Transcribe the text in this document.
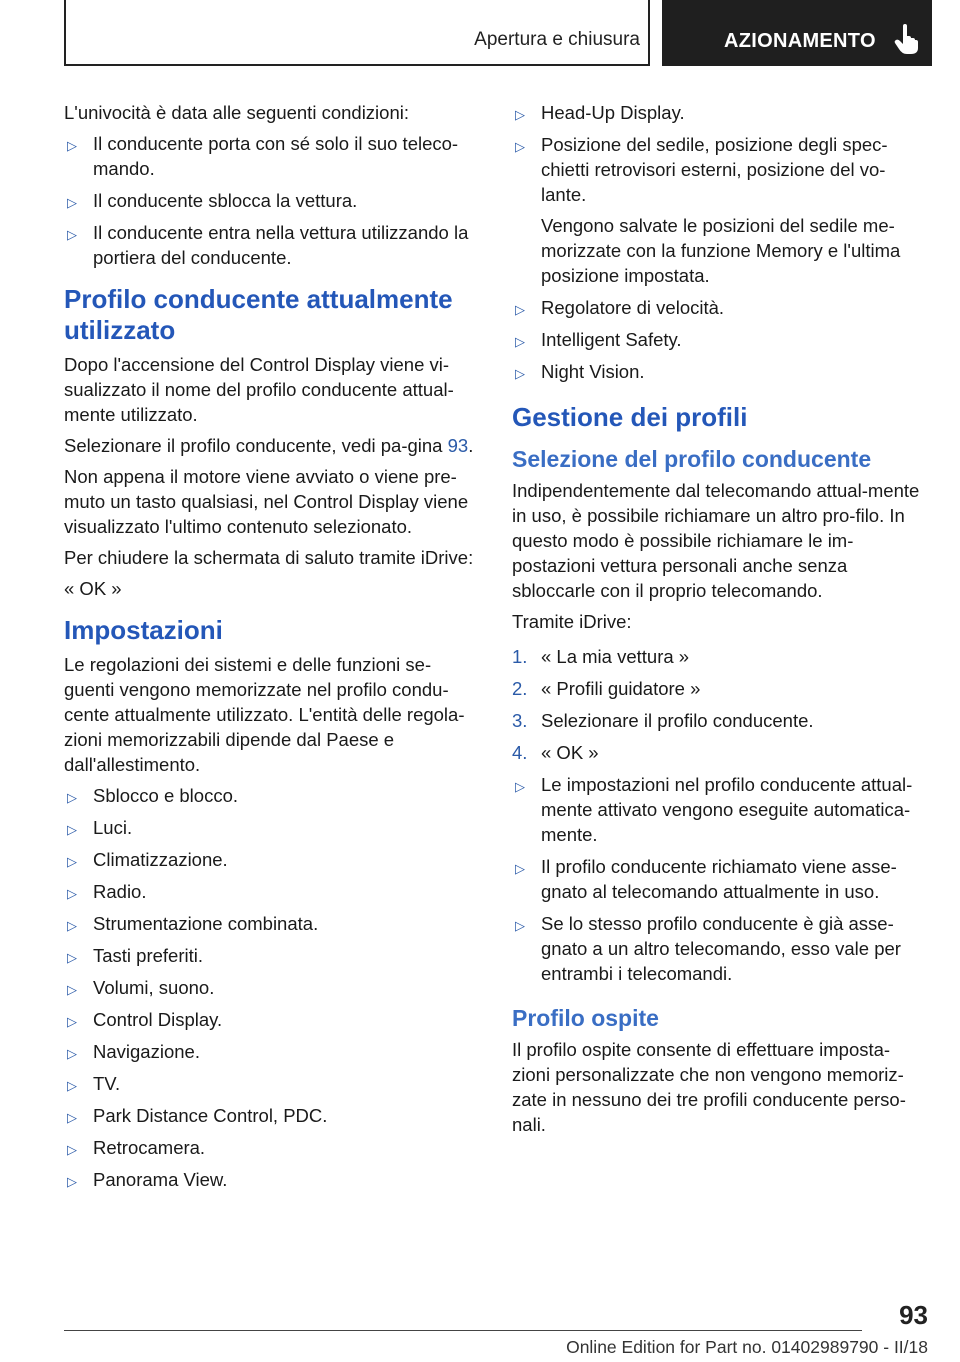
Apertura e chiusura	AZIONAMENTO

L'univocità è data alle seguenti condizioni:

▷ Il conducente porta con sé solo il suo teleco-mando.
▷ Il conducente sblocca la vettura.
▷ Il conducente entra nella vettura utilizzando la portiera del conducente.
Profilo conducente attualmente utilizzato

Dopo l'accensione del Control Display viene vi-sualizzato il nome del profilo conducente attual-mente utilizzato.

Selezionare il profilo conducente, vedi pa-gina 93.

Non appena il motore viene avviato o viene pre-muto un tasto qualsiasi, nel Control Display viene visualizzato l'ultimo contenuto selezionato.

Per chiudere la schermata di saluto tramite iDrive:

« OK »

Impostazioni

Le regolazioni dei sistemi e delle funzioni se-guenti vengono memorizzate nel profilo condu-cente attualmente utilizzato. L'entità delle regola-zioni memorizzabili dipende dal Paese e dall'allestimento.

▷ Sblocco e blocco.
▷ Luci.
▷ Climatizzazione.
▷ Radio.
▷ Strumentazione combinata.
▷ Tasti preferiti.
▷ Volumi, suono.
▷ Control Display.
▷ Navigazione.
▷ TV.
▷ Park Distance Control, PDC.
▷ Retrocamera.
▷ Panorama View.
▷ Head-Up Display.
▷ Posizione del sedile, posizione degli spec-chietti retrovisori esterni, posizione del vo-lante.
Vengono salvate le posizioni del sedile me-morizzate con la funzione Memory e l'ultima posizione impostata.
▷ Regolatore di velocità.
▷ Intelligent Safety.
▷ Night Vision.
Gestione dei profili
Selezione del profilo conducente

Indipendentemente dal telecomando attual-mente in uso, è possibile richiamare un altro pro-filo. In questo modo è possibile richiamare le im-postazioni vettura personali anche senza sbloccarle con il proprio telecomando.

Tramite iDrive:

1. « La mia vettura »
2. « Profili guidatore »
3. Selezionare il profilo conducente.
4. « OK »
▷ Le impostazioni nel profilo conducente attual-mente attivato vengono eseguite automatica-mente.
▷ Il profilo conducente richiamato viene asse-gnato al telecomando attualmente in uso.
▷ Se lo stesso profilo conducente è già asse-gnato a un altro telecomando, esso vale per entrambi i telecomandi.
Profilo ospite

Il profilo ospite consente di effettuare imposta-zioni personalizzate che non vengono memoriz-zate in nessuno dei tre profili conducente perso-nali.

93
Online Edition for Part no. 01402989790 - II/18
